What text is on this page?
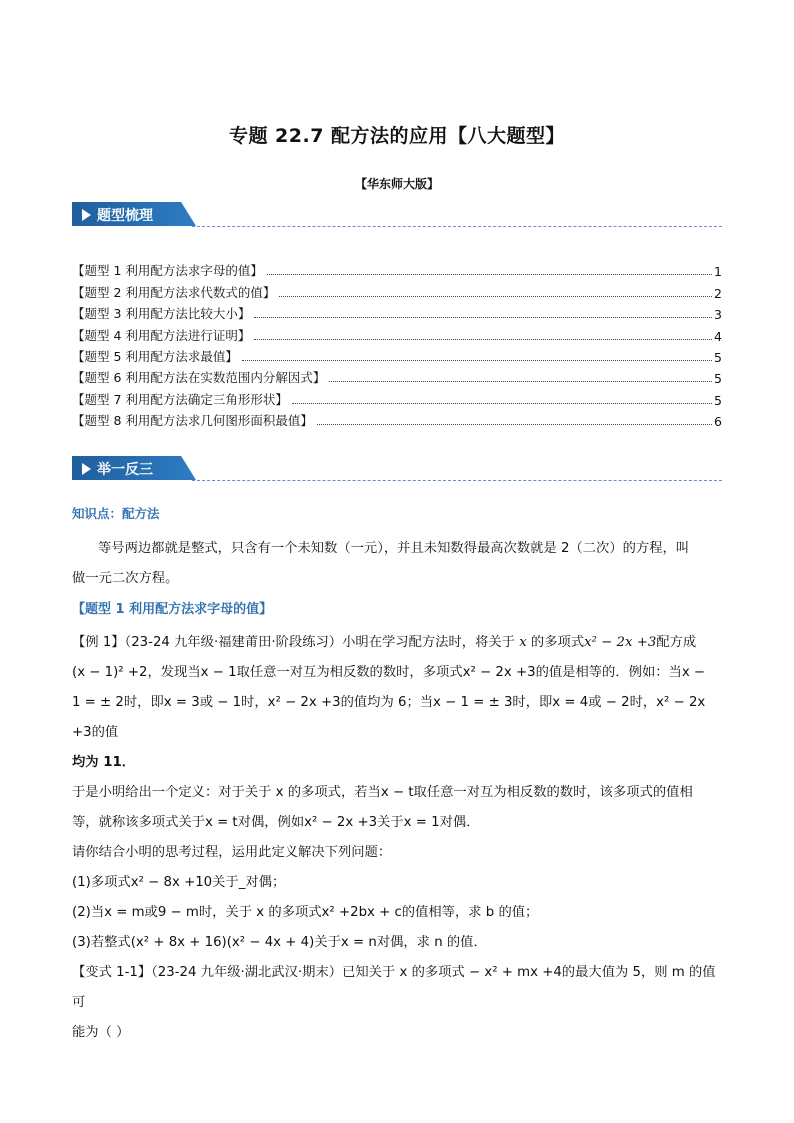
专题 22.7 配方法的应用【八大题型】
【华东师大版】
题型梳理
【题型 1 利用配方法求字母的值】	1
【题型 2 利用配方法求代数式的值】	2
【题型 3 利用配方法比较大小】	3
【题型 4 利用配方法进行证明】	4
【题型 5 利用配方法求最值】	5
【题型 6 利用配方法在实数范围内分解因式】	5
【题型 7 利用配方法确定三角形形状】	5
【题型 8 利用配方法求几何图形面积最值】	6
举一反三
知识点：配方法
等号两边都就是整式，只含有一个未知数（一元），并且未知数得最高次数就是 2（二次）的方程，叫
做一元二次方程。
【题型 1 利用配方法求字母的值】
【例 1】（23-24 九年级·福建莆田·阶段练习）小明在学习配方法时，将关于 x 的多项式x² − 2x +3配方成
(x − 1)² +2，发现当x − 1取任意一对互为相反数的数时，多项式x² − 2x +3的值是相等的．例如：当x −
1 = ± 2时，即x = 3或 − 1时，x² − 2x +3的值均为 6；当x − 1 = ± 3时，即x = 4或 − 2时，x² − 2x +3的值
均为 11．
于是小明给出一个定义：对于关于 x 的多项式，若当x − t取任意一对互为相反数的数时，该多项式的值相
等，就称该多项式关于x = t对偶，例如x² − 2x +3关于x = 1对偶．
请你结合小明的思考过程，运用此定义解决下列问题：
(1)多项式x² − 8x +10关于_对偶；
(2)当x = m或9 − m时，关于 x 的多项式x² +2bx + c的值相等，求 b 的值；
(3)若整式(x² + 8x + 16)(x² − 4x + 4)关于x = n对偶，求 n 的值．
【变式 1-1】（23-24 九年级·湖北武汉·期末）已知关于 x 的多项式 − x² + mx +4的最大值为 5，则 m 的值可
能为（ ）
